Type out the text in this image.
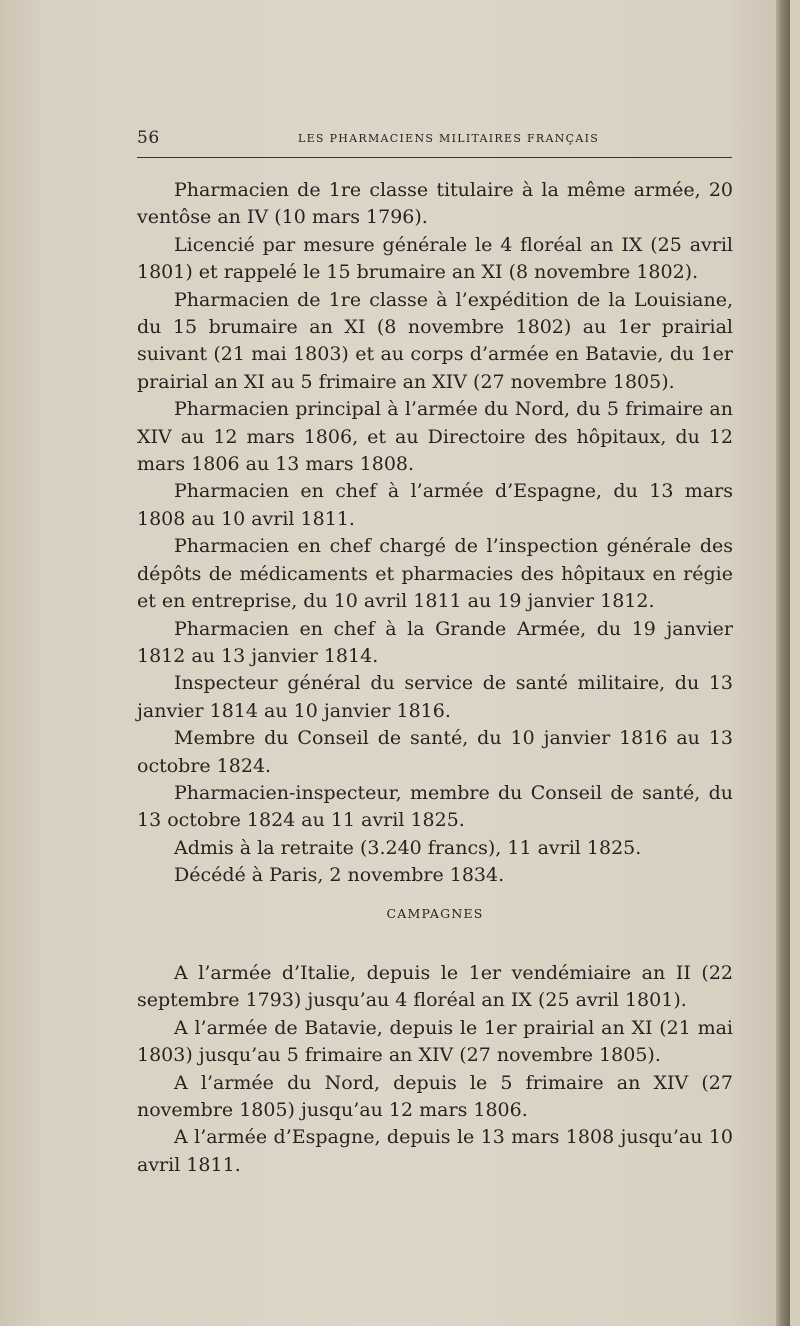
56	LES PHARMACIENS MILITAIRES FRANÇAIS

Pharmacien de 1re classe titulaire à la même armée, 20 ventôse an IV (10 mars 1796).

Licencié par mesure générale le 4 floréal an IX (25 avril 1801) et rappelé le 15 brumaire an XI (8 novembre 1802).

Pharmacien de 1re classe à l’expédition de la Louisiane, du 15 brumaire an XI (8 novembre 1802) au 1er prairial suivant (21 mai 1803) et au corps d’armée en Batavie, du 1er prairial an XI au 5 frimaire an XIV (27 novembre 1805).

Pharmacien principal à l’armée du Nord, du 5 frimaire an XIV au 12 mars 1806, et au Directoire des hôpitaux, du 12 mars 1806 au 13 mars 1808.

Pharmacien en chef à l’armée d’Espagne, du 13 mars 1808 au 10 avril 1811.

Pharmacien en chef chargé de l’inspection générale des dépôts de médicaments et pharmacies des hôpitaux en régie et en entreprise, du 10 avril 1811 au 19 janvier 1812.

Pharmacien en chef à la Grande Armée, du 19 janvier 1812 au 13 janvier 1814.

Inspecteur général du service de santé militaire, du 13 janvier 1814 au 10 janvier 1816.

Membre du Conseil de santé, du 10 janvier 1816 au 13 octobre 1824.

Pharmacien-inspecteur, membre du Conseil de santé, du 13 octobre 1824 au 11 avril 1825.

Admis à la retraite (3.240 francs), 11 avril 1825.

Décédé à Paris, 2 novembre 1834.

CAMPAGNES

A l’armée d’Italie, depuis le 1er vendémiaire an II (22 septembre 1793) jusqu’au 4 floréal an IX (25 avril 1801).

A l’armée de Batavie, depuis le 1er prairial an XI (21 mai 1803) jusqu’au 5 frimaire an XIV (27 novembre 1805).

A l’armée du Nord, depuis le 5 frimaire an XIV (27 novembre 1805) jusqu’au 12 mars 1806.

A l’armée d’Espagne, depuis le 13 mars 1808 jusqu’au 10 avril 1811.
